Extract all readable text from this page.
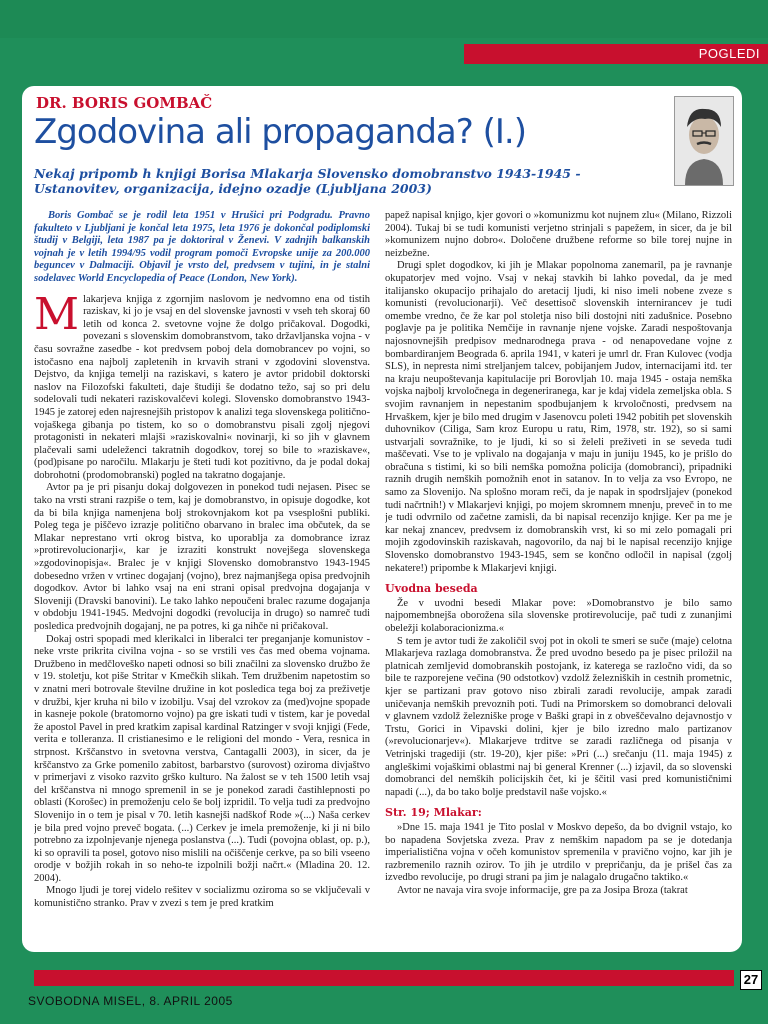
POGLEDI
DR. BORIS GOMBAČ
Zgodovina ali propaganda? (I.)
Nekaj pripomb h knjigi Borisa Mlakarja Slovensko domobranstvo 1943-1945 - Ustanovitev, organizacija, idejno ozadje (Ljubljana 2003)

Boris Gombač se je rodil leta 1951 v Hrušici pri Podgradu. Pravno fakulteto v Ljubljani je končal leta 1975, leta 1976 je dokončal podiplomski študij v Belgiji, leta 1987 pa je doktoriral v Ženevi. V zadnjih balkanskih vojnah je v letih 1994/95 vodil program pomoči Evropske unije za 200.000 beguncev v Dalmaciji. Objavil je vrsto del, predvsem v tujini, in je stalni sodelavec World Encyclopedia of Peace (London, New York).

Mlakarjeva knjiga z zgornjim naslovom je nedvomno ena od tistih raziskav, ki jo je vsaj en del slovenske javnosti v vseh teh skoraj 60 letih od konca 2. svetovne vojne že dolgo pričakoval. Dogodki, povezani s slovenskim domobranstvom, tako državljanska vojna - v času sovražne zasedbe - kot predvsem poboj dela domobrancev po vojni, so istočasno ena najbolj zapletenih in krvavih strani v zgodovini slovenstva. Dejstvo, da knjiga temelji na raziskavi, s katero je avtor pridobil doktorski naslov na Filozofski fakulteti, daje študiji še dodatno težo, saj so pri delu sodelovali tudi nekateri raziskovalčevi kolegi. Slovensko domobranstvo 1943-1945 je zatorej eden najresnejših pristopov k analizi tega slovenskega politično-vojaškega gibanja po tistem, ko so o domobranstvu pisali zgolj njegovi protagonisti in nekateri mlajši »raziskovalni« novinarji, ki so jih v glavnem plačevali sami udeleženci takratnih dogodkov, torej so bile to »raziskave«, (pod)pisane po naročilu. Mlakarju je šteti tudi kot pozitivno, da je podal dokaj dobrohotni (prodomobranski) pogled na takratno dogajanje.

Avtor pa je pri pisanju dokaj dolgovezen in ponekod tudi nejasen. Pisec se tako na vrsti strani razpiše o tem, kaj je domobranstvo, in opisuje dogodke, kot da bi bila knjiga namenjena bolj strokovnjakom kot pa vsesplošni publiki. Poleg tega je piščevo izrazje politično obarvano in bralec ima občutek, da se Mlakar neprestano vrti okrog bistva, ko uporablja za domobrance izraz »protirevolucionarji«, kar je izraziti konstrukt novejšega slovenskega »zgodovinopisja«. Bralec je v knjigi Slovensko domobranstvo 1943-1945 dobesedno vržen v vrtinec dogajanj (vojno), brez najmanjšega opisa predvojnih dogodkov. Avtor bi lahko vsaj na eni strani opisal predvojna dogajanja v Sloveniji (Dravski banovini). Le tako lahko nepoučeni bralec razume dogajanja v obdobju 1941-1945. Medvojni dogodki (revolucija in drugo) so namreč tudi posledica predvojnih dogajanj, ne pa potres, ki ga nihče ni pričakoval.

Dokaj ostri spopadi med klerikalci in liberalci ter preganjanje komunistov - neke vrste prikrita civilna vojna - so se vrstili ves čas med obema vojnama. Družbeno in medčloveško napeti odnosi so bili značilni za slovensko družbo že v 19. stoletju, kot piše Stritar v Kmečkih slikah. Tem družbenim napetostim so v znatni meri botrovale številne družine in kot posledica tega boj za preživetje v družbi, kjer kruha ni bilo v izobilju. Vsaj del vzrokov za (med)vojne spopade in kasneje pokole (bratomorno vojno) pa gre iskati tudi v tistem, kar je povedal že apostol Pavel in pred kratkim zapisal kardinal Ratzinger v svoji knjigi (Fede, verita e tolleranza. Il cristianesimo e le religioni del mondo - Vera, resnica in strpnost. Krščanstvo in svetovna verstva, Cantagalli 2003), in sicer, da je krščanstvo za Grke pomenilo zabitost, barbarstvo (surovost) oziroma divjaštvo v primerjavi z visoko razvito grško kulturo. Na žalost se v teh 1500 letih vsaj del krščanstva ni mnogo spremenil in se je ponekod zaradi častihlepnosti po oblasti (Korošec) in premoženju celo še bolj izpridil. To velja tudi za predvojno Slovenijo in o tem je pisal v 70. letih kasnejši nadškof Rode »(...) Naša cerkev je bila pred vojno preveč bogata. (...) Cerkev je imela premoženje, ki ji ni bilo potrebno za izpolnjevanje njenega poslanstva (...). Tudi (povojna oblast, op. p.), ki so opravili ta posel, gotovo niso mislili na očiščenje cerkve, pa so bili vseeno orodje v božjih rokah in so neho-te izpolnili božji načrt.« (Mladina 20. 12. 2004).

Mnogo ljudi je torej videlo rešitev v socializmu oziroma so se vključevali v komunistično stranko. Prav v zvezi s tem je pred kratkim

papež napisal knjigo, kjer govori o »komunizmu kot nujnem zlu« (Milano, Rizzoli 2004). Tukaj bi se tudi komunisti verjetno strinjali s papežem, in sicer, da je bil »komunizem nujno dobro«. Določene družbene reforme so bile torej nujne in neizbežne.

Drugi splet dogodkov, ki jih je Mlakar popolnoma zanemaril, pa je ravnanje okupatorjev med vojno. Vsaj v nekaj stavkih bi lahko povedal, da je med italijansko okupacijo prihajalo do aretacij ljudi, ki niso imeli nobene zveze s komunisti (revolucionarji). Več desettisoč slovenskih internirancev je tudi omembe vredno, če že kar pol stoletja niso bili dostojni niti zadušnice. Posebno poglavje pa je politika Nemčije in ravnanje njene vojske. Zaradi nespoštovanja najosnovnejših predpisov mednarodnega prava - od nenapovedane vojne z bombardiranjem Beograda 6. aprila 1941, v kateri je umrl dr. Fran Kulovec (vodja SLS), in nepresta nimi streljanjem talcev, pobijanjem Judov, internacijami itd. ter na kraju neupoštevanja kapitulacije pri Borovljah 10. maja 1945 - ostaja nemška vojska najbolj krvoločnega in degeneriranega, kar je kdaj videla zemeljska obla. S svojim ravnanjem in nepestanim spodbujanjem k krvoločnosti, predvsem na Hrvaškem, kjer je bilo med drugim v Jasenovcu poleti 1942 pobitih pet slovenskih duhovnikov (Ciliga, Sam kroz Europu u ratu, Rim, 1978, str. 192), so si sami ustvarjali sovražnike, to je ljudi, ki so si želeli preživeti in se seveda tudi maščevati. Vse to je vplivalo na dogajanja v maju in juniju 1945, ko je prišlo do obračuna s tistimi, ki so bili nemška pomožna policija (domobranci), pripadniki raznih drugih nemških pomožnih enot in satanov. In to velja za vso Evropo, ne samo za Slovenijo. Na splošno moram reči, da je napak in spodrsljajev (ponekod tudi načrtnih!) v Mlakarjevi knjigi, po mojem skromnem mnenju, preveč in to me je tudi odvrnilo od začetne zamisli, da bi napisal recenzijo knjige. Ker pa me je kar nekaj znancev, predvsem iz domobranskih vrst, ki so mi zelo pomagali pri mojih zgodovinskih raziskavah, nagovorilo, da naj bi le napisal recenzijo knjige Slovensko domobranstvo 1943-1945, sem se končno odločil in napisal (zgolj nekatere!) pripombe k Mlakarjevi knjigi.

Uvodna beseda

Že v uvodni besedi Mlakar pove: »Domobranstvo je bilo samo najpomembnejša oborožena sila slovenske protirevolucije, pač tudi z zunanjimi obeležji kolaboracionizma.«

S tem je avtor tudi že zakoličil svoj pot in okoli te smeri se suče (maje) celotna Mlakarjeva razlaga domobranstva. Že pred uvodno besedo pa je pisec priložil na platnicah zemljevid domobranskih postojank, iz katerega se razločno vidi, da so bile te razporejene večina (90 odstotkov) vzdolž železniških in cestnih prometnic, kjer se partizani prav gotovo niso zbirali zaradi revolucije, ampak zaradi uničevanja nemških prevoznih poti. Tudi na Primorskem so domobranci delovali v glavnem vzdolž železniške proge v Baški grapi in z obveščevalno dejavnostjo v Trstu, Gorici in Vipavski dolini, kjer je bilo izredno malo partizanov (»revolucionarjev«). Mlakarjeve trditve se zaradi različnega od pisanja v Vetrinjski tragediji (str. 19-20), kjer piše: »Pri (...) srečanju (11. maja 1945) z angleškimi vojaškimi oblastmi naj bi general Krenner (...) izjavil, da so slovenski domobranci del nemških policijskih čet, ki je ščitil vasi pred komunističnimi napadi (...), da bo tako bolje predstavil naše vojsko.«

Str. 19; Mlakar:

»Dne 15. maja 1941 je Tito poslal v Moskvo depešo, da bo dvignil vstajo, ko bo napadena Sovjetska zveza. Prav z nemškim napadom pa se je dotedanja imperialistična vojna v očeh komunistov spremenila v pravično vojno, kar jih je razbremenilo raznih ozirov. To jih je utrdilo v prepričanju, da je prišel čas za izvedbo revolucije, po drugi strani pa jim je nalagalo drugačno taktiko.«

Avtor ne navaja vira svoje informacije, gre pa za Josipa Broza (takrat

27
SVOBODNA MISEL, 8. APRIL 2005
